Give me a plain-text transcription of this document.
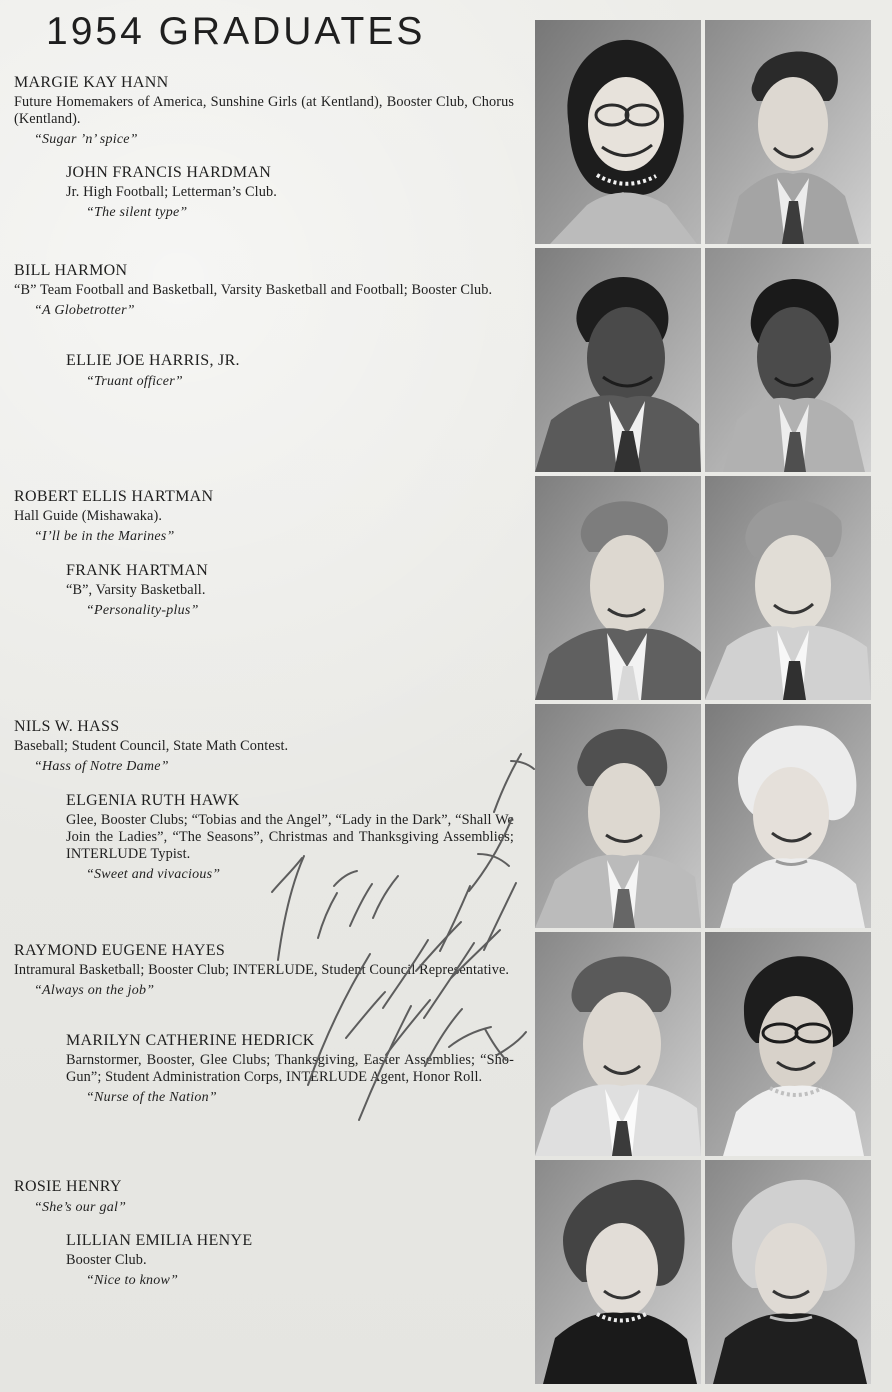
1954 GRADUATES
MARGIE KAY HANN

Future Homemakers of America, Sunshine Girls (at Kentland), Booster Club, Chorus (Kentland).

“Sugar ’n’ spice”
JOHN FRANCIS HARDMAN

Jr. High Football; Letterman’s Club.

“The silent type”
BILL HARMON

“B” Team Football and Basketball, Varsity Basketball and Football; Booster Club.

“A Globetrotter”
ELLIE JOE HARRIS, JR.

“Truant officer”
ROBERT ELLIS HARTMAN

Hall Guide (Mishawaka).

“I’ll be in the Marines”
FRANK HARTMAN

“B”, Varsity Basketball.

“Personality-plus”
NILS W. HASS

Baseball; Student Council, State Math Contest.

“Hass of Notre Dame”
ELGENIA RUTH HAWK

Glee, Booster Clubs; “Tobias and the Angel”, “Lady in the Dark”, “Shall We Join the Ladies”, “The Seasons”, Christmas and Thanksgiving Assemblies; INTERLUDE Typist.

“Sweet and vivacious”
RAYMOND EUGENE HAYES

Intramural Basketball; Booster Club; INTERLUDE, Student Council Representative.

“Always on the job”
MARILYN CATHERINE HEDRICK

Barnstormer, Booster, Glee Clubs; Thanksgiving, Easter Assemblies; “Sho-Gun”; Student Administration Corps, INTERLUDE Agent, Honor Roll.

“Nurse of the Nation”
ROSIE HENRY

“She’s our gal”
LILLIAN EMILIA HENYE

Booster Club.

“Nice to know”
